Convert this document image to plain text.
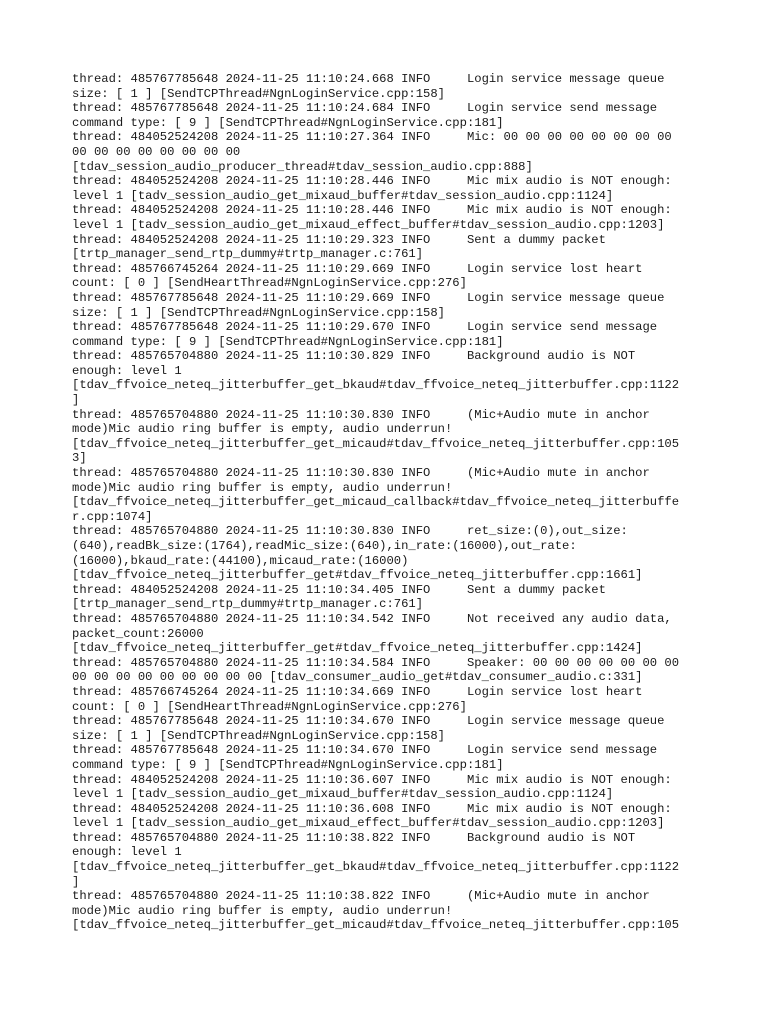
thread: 485767785648 2024-11-25 11:10:24.668 INFO     Login service message queue
size: [ 1 ] [SendTCPThread#NgnLoginService.cpp:158]
thread: 485767785648 2024-11-25 11:10:24.684 INFO     Login service send message
command type: [ 9 ] [SendTCPThread#NgnLoginService.cpp:181]
thread: 484052524208 2024-11-25 11:10:27.364 INFO     Mic: 00 00 00 00 00 00 00 00
00 00 00 00 00 00 00 00
[tdav_session_audio_producer_thread#tdav_session_audio.cpp:888]
thread: 484052524208 2024-11-25 11:10:28.446 INFO     Mic mix audio is NOT enough:
level 1 [tadv_session_audio_get_mixaud_buffer#tdav_session_audio.cpp:1124]
thread: 484052524208 2024-11-25 11:10:28.446 INFO     Mic mix audio is NOT enough:
level 1 [tadv_session_audio_get_mixaud_effect_buffer#tdav_session_audio.cpp:1203]
thread: 484052524208 2024-11-25 11:10:29.323 INFO     Sent a dummy packet
[trtp_manager_send_rtp_dummy#trtp_manager.c:761]
thread: 485766745264 2024-11-25 11:10:29.669 INFO     Login service lost heart
count: [ 0 ] [SendHeartThread#NgnLoginService.cpp:276]
thread: 485767785648 2024-11-25 11:10:29.669 INFO     Login service message queue
size: [ 1 ] [SendTCPThread#NgnLoginService.cpp:158]
thread: 485767785648 2024-11-25 11:10:29.670 INFO     Login service send message
command type: [ 9 ] [SendTCPThread#NgnLoginService.cpp:181]
thread: 485765704880 2024-11-25 11:10:30.829 INFO     Background audio is NOT
enough: level 1
[tdav_ffvoice_neteq_jitterbuffer_get_bkaud#tdav_ffvoice_neteq_jitterbuffer.cpp:1122
]
thread: 485765704880 2024-11-25 11:10:30.830 INFO     (Mic+Audio mute in anchor
mode)Mic audio ring buffer is empty, audio underrun!
[tdav_ffvoice_neteq_jitterbuffer_get_micaud#tdav_ffvoice_neteq_jitterbuffer.cpp:105
3]
thread: 485765704880 2024-11-25 11:10:30.830 INFO     (Mic+Audio mute in anchor
mode)Mic audio ring buffer is empty, audio underrun!
[tdav_ffvoice_neteq_jitterbuffer_get_micaud_callback#tdav_ffvoice_neteq_jitterbuffe
r.cpp:1074]
thread: 485765704880 2024-11-25 11:10:30.830 INFO     ret_size:(0),out_size:
(640),readBk_size:(1764),readMic_size:(640),in_rate:(16000),out_rate:
(16000),bkaud_rate:(44100),micaud_rate:(16000)
[tdav_ffvoice_neteq_jitterbuffer_get#tdav_ffvoice_neteq_jitterbuffer.cpp:1661]
thread: 484052524208 2024-11-25 11:10:34.405 INFO     Sent a dummy packet
[trtp_manager_send_rtp_dummy#trtp_manager.c:761]
thread: 485765704880 2024-11-25 11:10:34.542 INFO     Not received any audio data,
packet_count:26000
[tdav_ffvoice_neteq_jitterbuffer_get#tdav_ffvoice_neteq_jitterbuffer.cpp:1424]
thread: 485765704880 2024-11-25 11:10:34.584 INFO     Speaker: 00 00 00 00 00 00 00
00 00 00 00 00 00 00 00 00 [tdav_consumer_audio_get#tdav_consumer_audio.c:331]
thread: 485766745264 2024-11-25 11:10:34.669 INFO     Login service lost heart
count: [ 0 ] [SendHeartThread#NgnLoginService.cpp:276]
thread: 485767785648 2024-11-25 11:10:34.670 INFO     Login service message queue
size: [ 1 ] [SendTCPThread#NgnLoginService.cpp:158]
thread: 485767785648 2024-11-25 11:10:34.670 INFO     Login service send message
command type: [ 9 ] [SendTCPThread#NgnLoginService.cpp:181]
thread: 484052524208 2024-11-25 11:10:36.607 INFO     Mic mix audio is NOT enough:
level 1 [tadv_session_audio_get_mixaud_buffer#tdav_session_audio.cpp:1124]
thread: 484052524208 2024-11-25 11:10:36.608 INFO     Mic mix audio is NOT enough:
level 1 [tadv_session_audio_get_mixaud_effect_buffer#tdav_session_audio.cpp:1203]
thread: 485765704880 2024-11-25 11:10:38.822 INFO     Background audio is NOT
enough: level 1
[tdav_ffvoice_neteq_jitterbuffer_get_bkaud#tdav_ffvoice_neteq_jitterbuffer.cpp:1122
]
thread: 485765704880 2024-11-25 11:10:38.822 INFO     (Mic+Audio mute in anchor
mode)Mic audio ring buffer is empty, audio underrun!
[tdav_ffvoice_neteq_jitterbuffer_get_micaud#tdav_ffvoice_neteq_jitterbuffer.cpp:105
